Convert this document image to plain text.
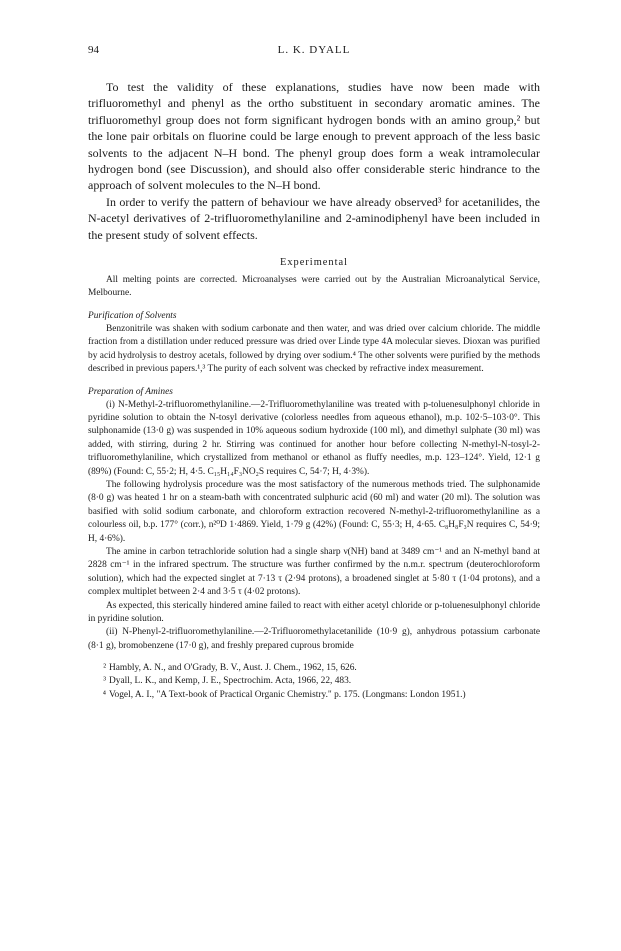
94	L. K. DYALL

To test the validity of these explanations, studies have now been made with trifluoromethyl and phenyl as the ortho substituent in secondary aromatic amines. The trifluoromethyl group does not form significant hydrogen bonds with an amino group,² but the lone pair orbitals on fluorine could be large enough to prevent approach of the less basic solvents to the adjacent N–H bond. The phenyl group does form a weak intramolecular hydrogen bond (see Discussion), and should also offer considerable steric hindrance to the approach of solvent molecules to the N–H bond.

In order to verify the pattern of behaviour we have already observed³ for acetanilides, the N-acetyl derivatives of 2-trifluoromethylaniline and 2-aminodiphenyl have been included in the present study of solvent effects.

Experimental

All melting points are corrected. Microanalyses were carried out by the Australian Microanalytical Service, Melbourne.

Purification of Solvents

Benzonitrile was shaken with sodium carbonate and then water, and was dried over calcium chloride. The middle fraction from a distillation under reduced pressure was dried over Linde type 4A molecular sieves. Dioxan was purified by acid hydrolysis to destroy acetals, followed by drying over sodium.⁴ The other solvents were purified by the methods described in previous papers.¹,³ The purity of each solvent was checked by refractive index measurement.

Preparation of Amines

(i) N-Methyl-2-trifluoromethylaniline.—2-Trifluoromethylaniline was treated with p-toluenesulphonyl chloride in pyridine solution to obtain the N-tosyl derivative (colorless needles from aqueous ethanol), m.p. 102·5–103·0°. This sulphonamide (13·0 g) was suspended in 10% aqueous sodium hydroxide (100 ml), and dimethyl sulphate (30 ml) was added, with stirring, during 2 hr. Stirring was continued for another hour before collecting N-methyl-N-tosyl-2-trifluoromethylaniline, which crystallized from methanol or ethanol as fluffy needles, m.p. 123–124°. Yield, 12·1 g (89%) (Found: C, 55·2; H, 4·5. C₁₅H₁₄F₃NO₂S requires C, 54·7; H, 4·3%).

The following hydrolysis procedure was the most satisfactory of the numerous methods tried. The sulphonamide (8·0 g) was heated 1 hr on a steam-bath with concentrated sulphuric acid (60 ml) and water (20 ml). The solution was basified with solid sodium carbonate, and chloroform extraction recovered N-methyl-2-trifluoromethylaniline as a colourless oil, b.p. 177° (corr.), n²⁰D 1·4869. Yield, 1·79 g (42%) (Found: C, 55·3; H, 4·65. C₈H₈F₃N requires C, 54·9; H, 4·6%).

The amine in carbon tetrachloride solution had a single sharp ν(NH) band at 3489 cm⁻¹ and an N-methyl band at 2828 cm⁻¹ in the infrared spectrum. The structure was further confirmed by the n.m.r. spectrum (deuterochloroform solution), which had the expected singlet at 7·13 τ (2·94 protons), a broadened singlet at 5·80 τ (1·04 protons), and a complex multiplet between 2·4 and 3·5 τ (4·02 protons).

As expected, this sterically hindered amine failed to react with either acetyl chloride or p-toluenesulphonyl chloride in pyridine solution.

(ii) N-Phenyl-2-trifluoromethylaniline.—2-Trifluoromethylacetanilide (10·9 g), anhydrous potassium carbonate (8·1 g), bromobenzene (17·0 g), and freshly prepared cuprous bromide

² Hambly, A. N., and O'Grady, B. V., Aust. J. Chem., 1962, 15, 626.
³ Dyall, L. K., and Kemp, J. E., Spectrochim. Acta, 1966, 22, 483.
⁴ Vogel, A. I., "A Text-book of Practical Organic Chemistry." p. 175. (Longmans: London 1951.)
